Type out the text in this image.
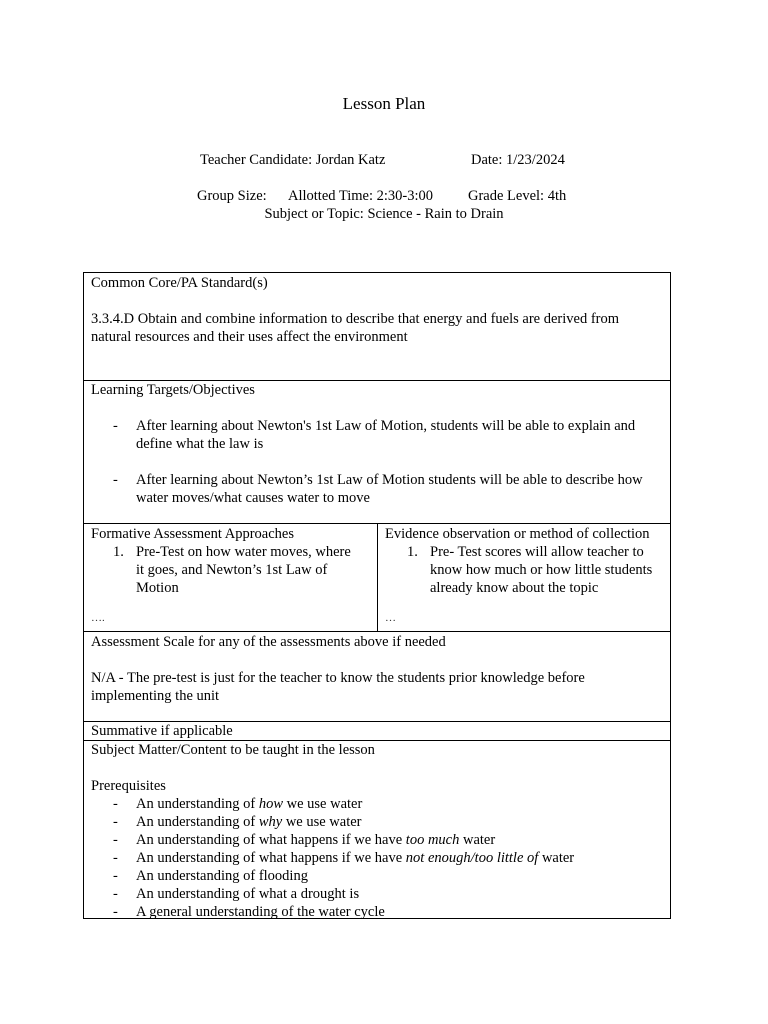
Lesson Plan

Teacher Candidate: Jordan Katz

	Date: 1/23/2024

Group Size:

Allotted Time: 2:30-3:00

Grade Level: 4th

Subject or Topic: Science - Rain to Drain
Common Core/PA Standard(s)
3.3.4.D Obtain and combine information to describe that energy and fuels are derived from
natural resources and their uses affect the environment
Learning Targets/Objectives
- After learning about Newton's 1st Law of Motion, students will be able to explain and
define what the law is
- After learning about Newton’s 1st Law of Motion students will be able to describe how
water moves/what causes water to move
Formative Assessment Approaches
1. Pre-Test on how water moves, where
it goes, and Newton’s 1st Law of
Motion
….
Evidence observation or method of collection
1. Pre- Test scores will allow teacher to
know how much or how little students
already know about the topic
…
Assessment Scale for any of the assessments above if needed
N/A - The pre-test is just for the teacher to know the students prior knowledge before
implementing the unit
Summative if applicable
Subject Matter/Content to be taught in the lesson
Prerequisites
- An understanding of how we use water
- An understanding of why we use water
- An understanding of what happens if we have too much water
- An understanding of what happens if we have not enough/too little of water
- An understanding of flooding
- An understanding of what a drought is
- A general understanding of the water cycle
